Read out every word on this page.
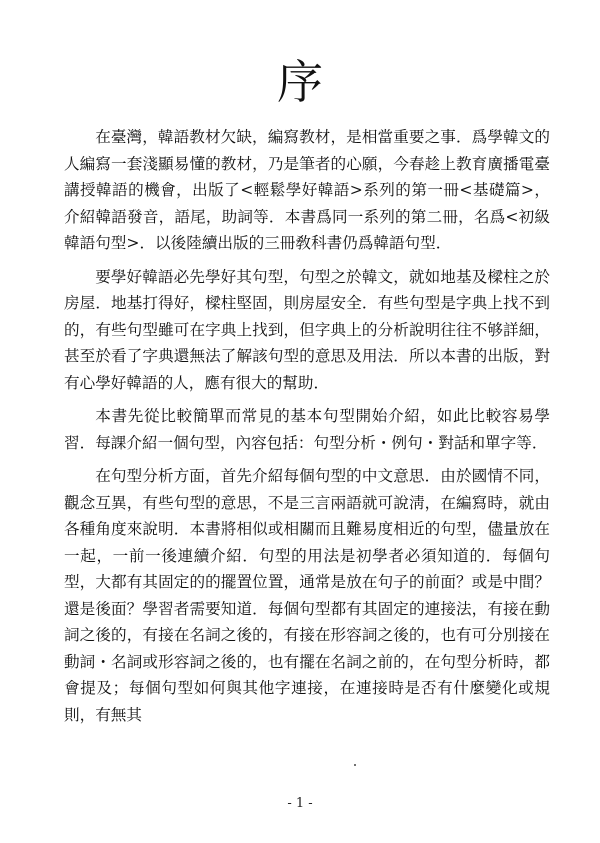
序

在臺灣，韓語教材欠缺，編寫教材，是相當重要之事．爲學韓文的人編寫一套淺顯易懂的教材，乃是筆者的心願，今春趁上教育廣播電臺講授韓語的機會，出版了<輕鬆學好韓語>系列的第一冊<基礎篇>，介紹韓語發音，語尾，助詞等．本書爲同一系列的第二冊，名爲<初級韓語句型>．以後陸續出版的三冊敎科書仍爲韓語句型．

要學好韓語必先學好其句型，句型之於韓文，就如地基及樑柱之於房屋．地基打得好，樑柱堅固，則房屋安全．有些句型是字典上找不到的，有些句型雖可在字典上找到，但字典上的分析說明往往不够詳細，甚至於看了字典還無法了解該句型的意思及用法．所以本書的出版，對有心學好韓語的人，應有很大的幫助．

本書先從比較簡單而常見的基本句型開始介紹，如此比較容易學習．每課介紹一個句型，內容包括：句型分析・例句・對話和單字等．

在句型分析方面，首先介紹每個句型的中文意思．由於國情不同，觀念互異，有些句型的意思，不是三言兩語就可說淸，在編寫時，就由各種角度來說明．本書將相似或相關而且難易度相近的句型，儘量放在一起，一前一後連續介紹．句型的用法是初學者必須知道的．每個句型，大都有其固定的的擺置位置，通常是放在句子的前面？或是中間？還是後面？學習者需要知道．每個句型都有其固定的連接法，有接在動詞之後的，有接在名詞之後的，有接在形容詞之後的，也有可分別接在動詞・名詞或形容詞之後的，也有擺在名詞之前的，在句型分析時，都會提及；每個句型如何與其他字連接，在連接時是否有什麼變化或規則，有無其

- 1 -
